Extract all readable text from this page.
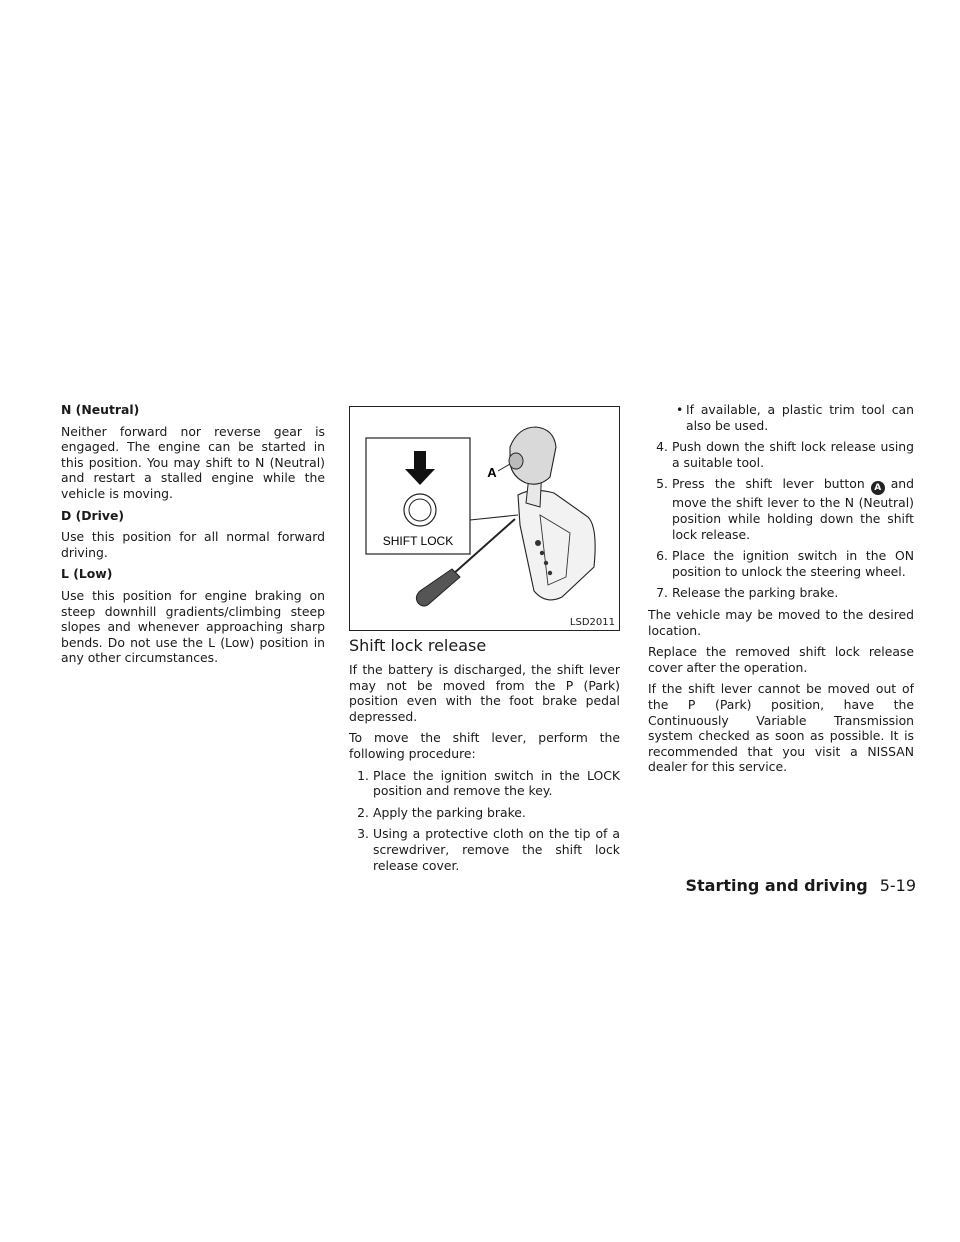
N (Neutral)

Neither forward nor reverse gear is engaged. The engine can be started in this position. You may shift to N (Neutral) and restart a stalled engine while the vehicle is moving.

D (Drive)

Use this position for all normal forward driving.

L (Low)

Use this position for engine braking on steep downhill gradients/climbing steep slopes and whenever approaching sharp bends. Do not use the L (Low) position in any other circumstances.

SHIFT LOCK
A
LSD2011

Shift lock release

If the battery is discharged, the shift lever may not be moved from the P (Park) position even with the foot brake pedal depressed.

To move the shift lever, perform the following procedure:

1. Place the ignition switch in the LOCK position and remove the key.
2. Apply the parking brake.
3. Using a protective cloth on the tip of a screwdriver, remove the shift lock release cover.
• If available, a plastic trim tool can also be used.
4. Push down the shift lock release using a suitable tool.
5. Press the shift lever button A and move the shift lever to the N (Neutral) position while holding down the shift lock release.
6. Place the ignition switch in the ON position to unlock the steering wheel.
7. Release the parking brake.

The vehicle may be moved to the desired location.

Replace the removed shift lock release cover after the operation.

If the shift lever cannot be moved out of the P (Park) position, have the Continuously Variable Transmission system checked as soon as possible. It is recommended that you visit a NISSAN dealer for this service.

Starting and driving 5-19
